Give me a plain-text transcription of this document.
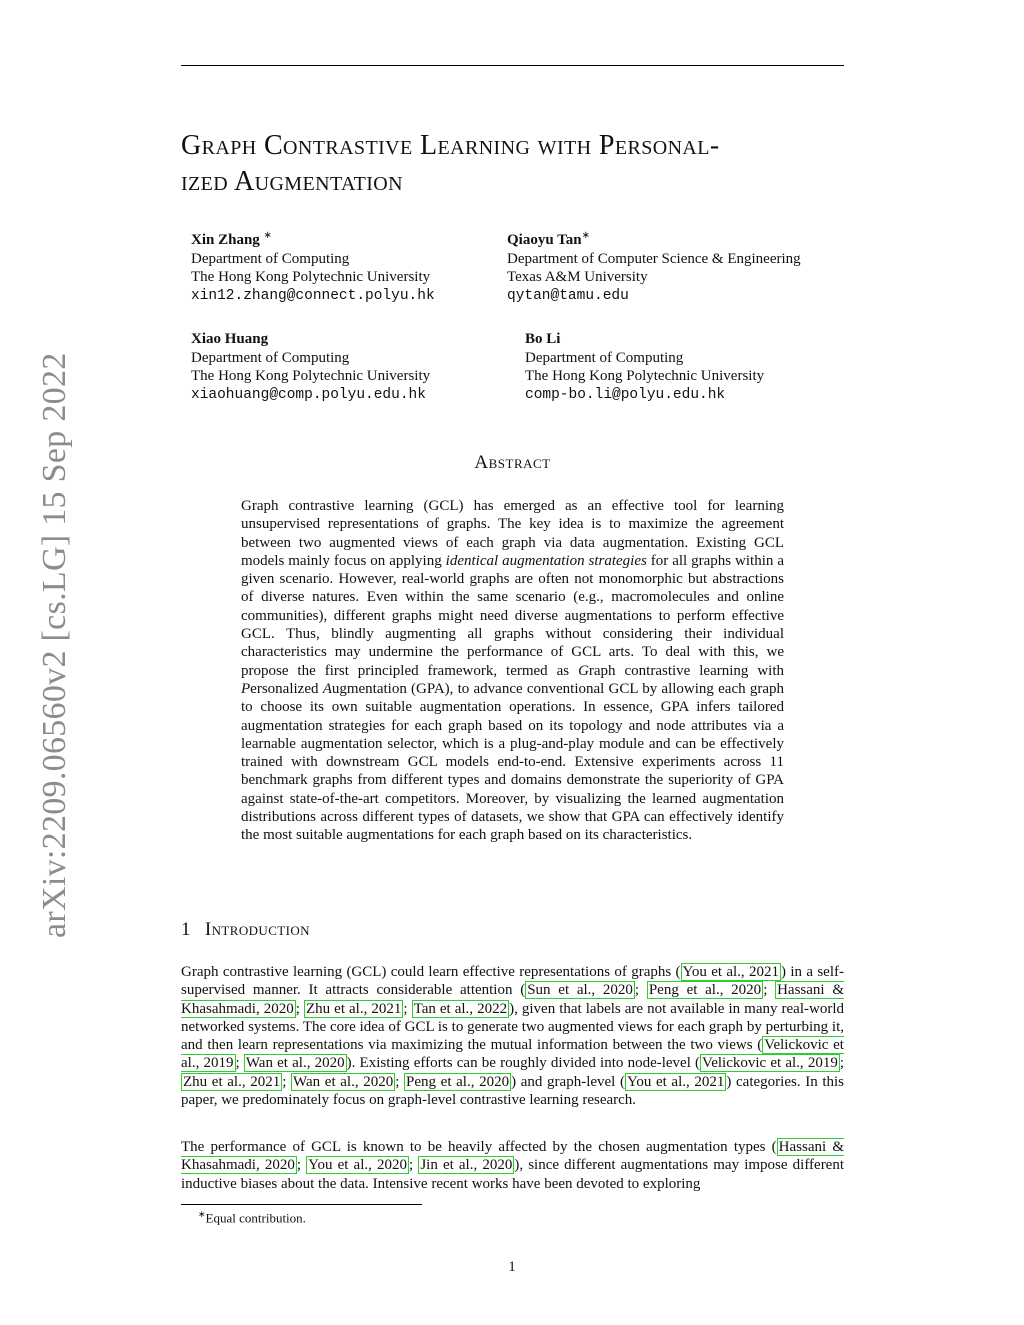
arXiv:2209.06560v2 [cs.LG] 15 Sep 2022
Graph Contrastive Learning with Personal-
ized Augmentation
Xin Zhang ∗
Department of Computing
The Hong Kong Polytechnic University
xin12.zhang@connect.polyu.hk
Qiaoyu Tan∗
Department of Computer Science & Engineering
Texas A&M University
qytan@tamu.edu
Xiao Huang
Department of Computing
The Hong Kong Polytechnic University
xiaohuang@comp.polyu.edu.hk
Bo Li
Department of Computing
The Hong Kong Polytechnic University
comp-bo.li@polyu.edu.hk
Abstract
Graph contrastive learning (GCL) has emerged as an effective tool for learning unsupervised representations of graphs. The key idea is to maximize the agreement between two augmented views of each graph via data augmentation. Existing GCL models mainly focus on applying identical augmentation strategies for all graphs within a given scenario. However, real-world graphs are often not monomorphic but abstractions of diverse natures. Even within the same scenario (e.g., macromolecules and online communities), different graphs might need diverse augmentations to perform effective GCL. Thus, blindly augmenting all graphs without considering their individual characteristics may undermine the performance of GCL arts. To deal with this, we propose the first principled framework, termed as Graph contrastive learning with Personalized Augmentation (GPA), to advance conventional GCL by allowing each graph to choose its own suitable augmentation operations. In essence, GPA infers tailored augmentation strategies for each graph based on its topology and node attributes via a learnable augmentation selector, which is a plug-and-play module and can be effectively trained with downstream GCL models end-to-end. Extensive experiments across 11 benchmark graphs from different types and domains demonstrate the superiority of GPA against state-of-the-art competitors. Moreover, by visualizing the learned augmentation distributions across different types of datasets, we show that GPA can effectively identify the most suitable augmentations for each graph based on its characteristics.
1 Introduction
Graph contrastive learning (GCL) could learn effective representations of graphs ( You et al., 2021 ) in a self-supervised manner. It attracts considerable attention ( Sun et al., 2020 ; Peng et al., 2020 ; Hassani & Khasahmadi, 2020 ; Zhu et al., 2021 ; Tan et al., 2022 ), given that labels are not available in many real-world networked systems. The core idea of GCL is to generate two augmented views for each graph by perturbing it, and then learn representations via maximizing the mutual information between the two views ( Velickovic et al., 2019 ; Wan et al., 2020 ). Existing efforts can be roughly divided into node-level ( Velickovic et al., 2019 ; Zhu et al., 2021 ; Wan et al., 2020 ; Peng et al., 2020 ) and graph-level ( You et al., 2021 ) categories. In this paper, we predominately focus on graph-level contrastive learning research.
The performance of GCL is known to be heavily affected by the chosen augmentation types ( Hassani & Khasahmadi, 2020 ; You et al., 2020 ; Jin et al., 2020 ), since different augmentations may impose different inductive biases about the data. Intensive recent works have been devoted to exploring
∗Equal contribution.
1
